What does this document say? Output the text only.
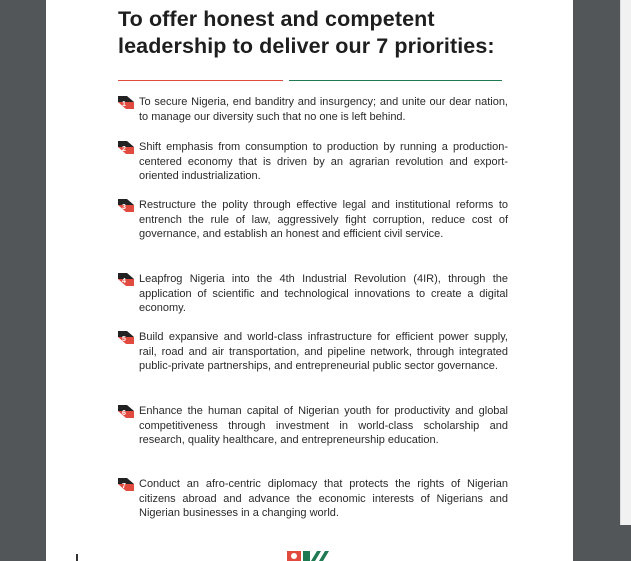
To offer honest and competent
leadership to deliver our 7 priorities:
1 To secure Nigeria, end banditry and insurgency; and unite our dear nation, to manage our diversity such that no one is left behind.
2 Shift emphasis from consumption to production by running a production-centered economy that is driven by an agrarian revolution and export-oriented industrialization.
3 Restructure the polity through effective legal and institutional reforms to entrench the rule of law, aggressively fight corruption, reduce cost of governance, and establish an honest and efficient civil service.
4 Leapfrog Nigeria into the 4th Industrial Revolution (4IR), through the application of scientific and technological innovations to create a digital economy.
5 Build expansive and world-class infrastructure for efficient power supply, rail, road and air transportation, and pipeline network, through integrated public-private partnerships, and entrepreneurial public sector governance.
6 Enhance the human capital of Nigerian youth for productivity and global competitiveness through investment in world-class scholarship and research, quality healthcare, and entrepreneurship education.
7 Conduct an afro-centric diplomacy that protects the rights of Nigerian citizens abroad and advance the economic interests of Nigerians and Nigerian businesses in a changing world.
